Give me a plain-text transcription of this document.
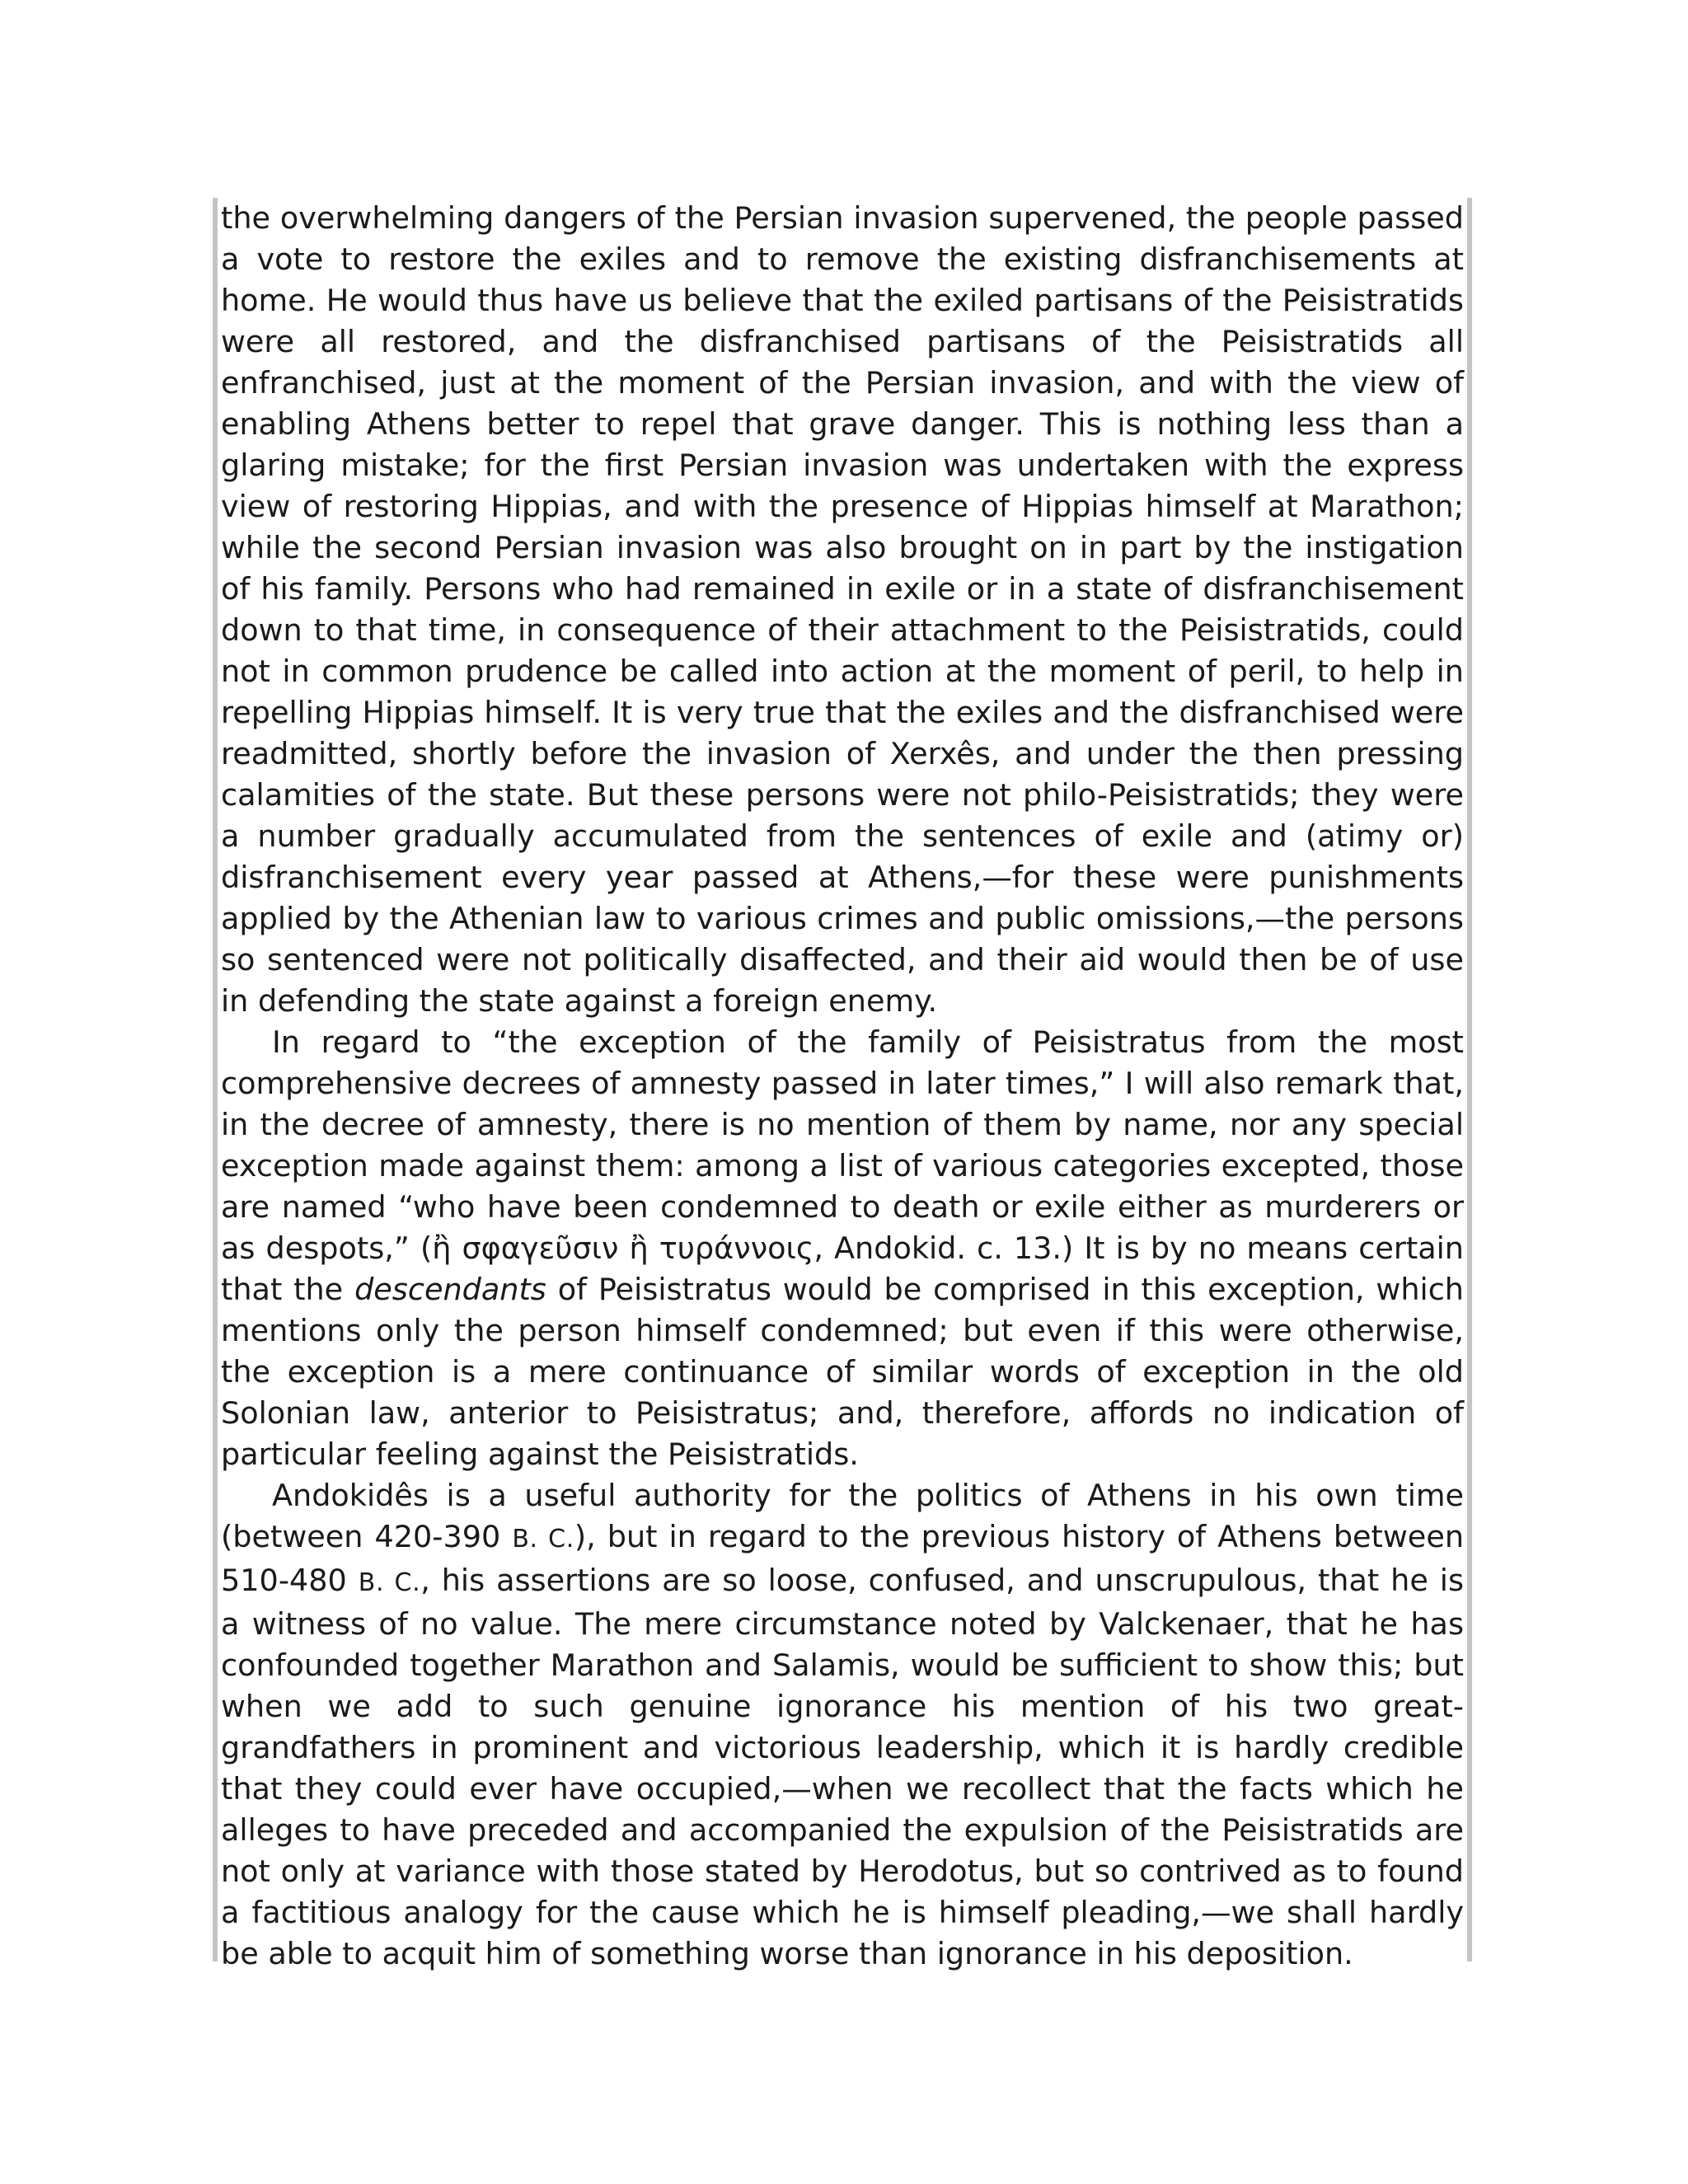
the overwhelming dangers of the Persian invasion supervened, the people passed a vote to restore the exiles and to remove the existing disfranchisements at home. He would thus have us believe that the exiled partisans of the Peisistratids were all restored, and the disfranchised partisans of the Peisistratids all enfranchised, just at the moment of the Persian invasion, and with the view of enabling Athens better to repel that grave danger. This is nothing less than a glaring mistake; for the first Persian invasion was undertaken with the express view of restoring Hippias, and with the presence of Hippias himself at Marathon; while the second Persian invasion was also brought on in part by the instigation of his family. Persons who had remained in exile or in a state of disfranchisement down to that time, in consequence of their attachment to the Peisistratids, could not in common prudence be called into action at the moment of peril, to help in repelling Hippias himself. It is very true that the exiles and the disfranchised were readmitted, shortly before the invasion of Xerxês, and under the then pressing calamities of the state. But these persons were not philo-Peisistratids; they were a number gradually accumulated from the sentences of exile and (atimy or) disfranchisement every year passed at Athens,—for these were punishments applied by the Athenian law to various crimes and public omissions,—the persons so sentenced were not politically disaffected, and their aid would then be of use in defending the state against a foreign enemy.

In regard to “the exception of the family of Peisistratus from the most comprehensive decrees of amnesty passed in later times,” I will also remark that, in the decree of amnesty, there is no mention of them by name, nor any special exception made against them: among a list of various categories excepted, those are named “who have been condemned to death or exile either as murderers or as despots,” (ἢ σφαγεῦσιν ἢ τυράννοις, Andokid. c. 13.) It is by no means certain that the descendants of Peisistratus would be comprised in this exception, which mentions only the person himself condemned; but even if this were otherwise, the exception is a mere continuance of similar words of exception in the old Solonian law, anterior to Peisistratus; and, therefore, affords no indication of particular feeling against the Peisistratids.

Andokidês is a useful authority for the politics of Athens in his own time (between 420-390 B. C.), but in regard to the previous history of Athens between 510-480 B. C., his assertions are so loose, confused, and unscrupulous, that he is a witness of no value. The mere circumstance noted by Valckenaer, that he has confounded together Marathon and Salamis, would be sufficient to show this; but when we add to such genuine ignorance his mention of his two great-grandfathers in prominent and victorious leadership, which it is hardly credible that they could ever have occupied,—when we recollect that the facts which he alleges to have preceded and accompanied the expulsion of the Peisistratids are not only at variance with those stated by Herodotus, but so contrived as to found a factitious analogy for the cause which he is himself pleading,—we shall hardly be able to acquit him of something worse than ignorance in his deposition.
